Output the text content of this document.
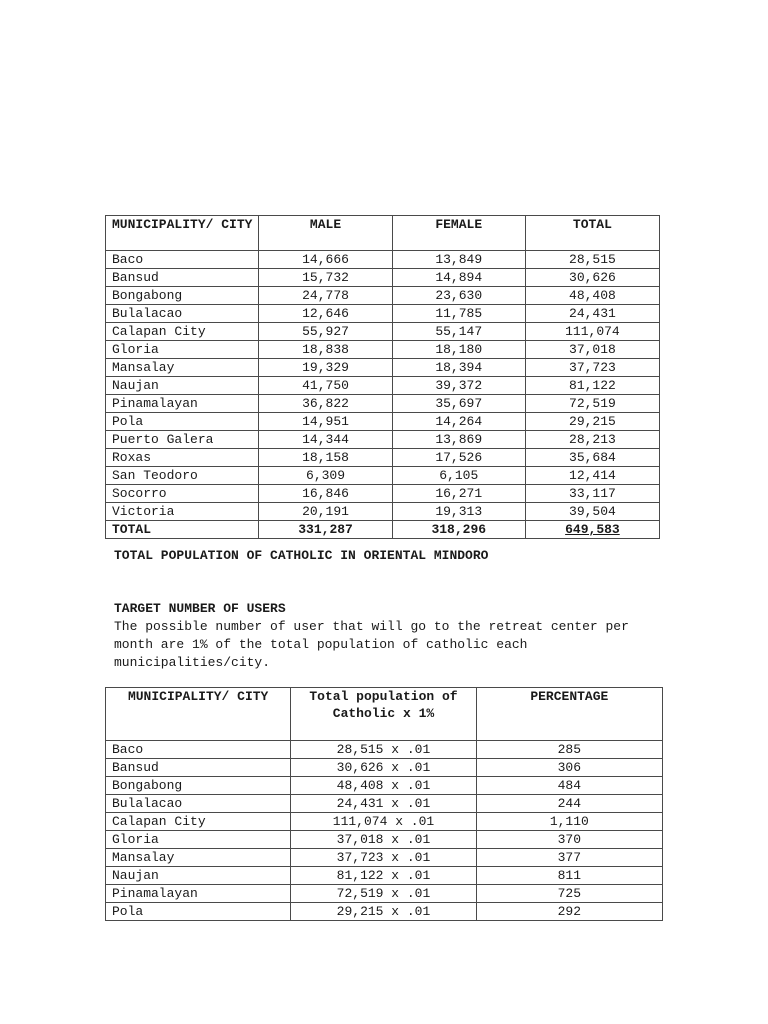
MUNICIPALITY/ CITY	MALE	FEMALE	TOTAL
Baco	14,666	13,849	28,515
Bansud	15,732	14,894	30,626
Bongabong	24,778	23,630	48,408
Bulalacao	12,646	11,785	24,431
Calapan City	55,927	55,147	111,074
Gloria	18,838	18,180	37,018
Mansalay	19,329	18,394	37,723
Naujan	41,750	39,372	81,122
Pinamalayan	36,822	35,697	72,519
Pola	14,951	14,264	29,215
Puerto Galera	14,344	13,869	28,213
Roxas	18,158	17,526	35,684
San Teodoro	6,309	6,105	12,414
Socorro	16,846	16,271	33,117
Victoria	20,191	19,313	39,504
TOTAL	331,287	318,296	649,583
TOTAL POPULATION OF CATHOLIC IN ORIENTAL MINDORO
TARGET NUMBER OF USERS
The possible number of user that will go to the retreat center per month are 1% of the total population of catholic each municipalities/city.
MUNICIPALITY/ CITY	Total population of Catholic x 1%	PERCENTAGE
Baco	28,515 x .01	285
Bansud	30,626 x .01	306
Bongabong	48,408 x .01	484
Bulalacao	24,431 x .01	244
Calapan City	111,074 x .01	1,110
Gloria	37,018 x .01	370
Mansalay	37,723 x .01	377
Naujan	81,122 x .01	811
Pinamalayan	72,519 x .01	725
Pola	29,215 x .01	292
